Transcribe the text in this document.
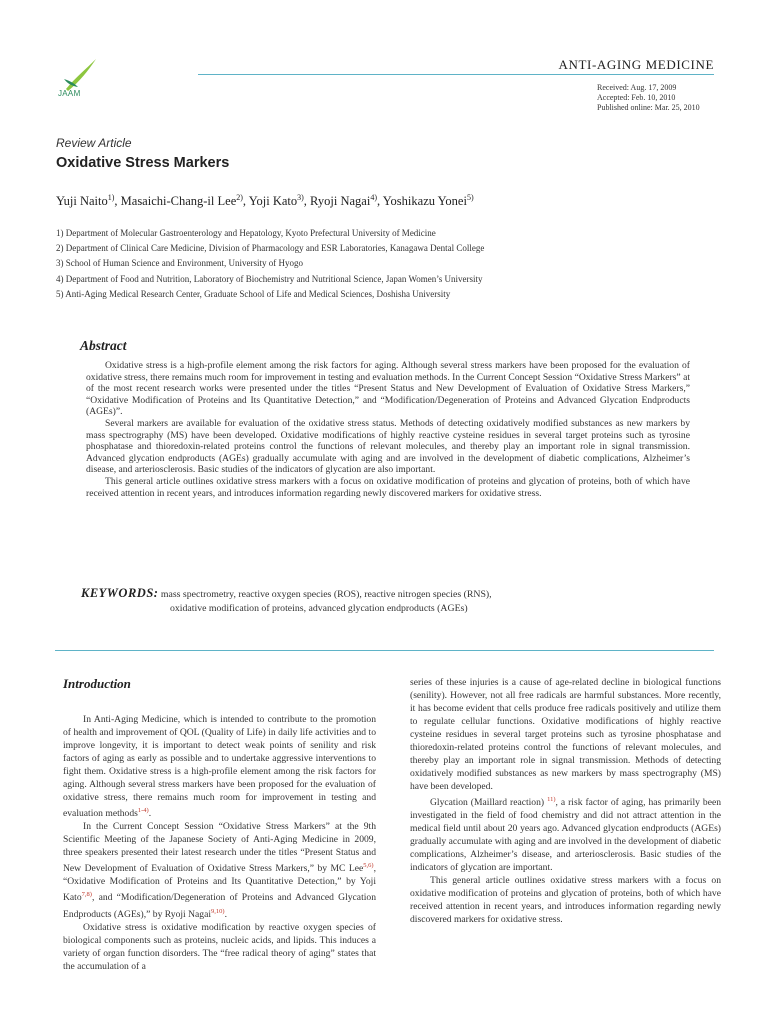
JAAM
ANTI-AGING MEDICINE
Received: Aug. 17, 2009
Accepted: Feb. 10, 2010
Published online: Mar. 25, 2010
Review Article
Oxidative Stress Markers
Yuji Naito$^{1)}$, Masaichi-Chang-il Lee$^{2)}$, Yoji Kato$^{3)}$, Ryoji Nagai$^{4)}$, Yoshikazu Yonei$^{5)}$
1) Department of Molecular Gastroenterology and Hepatology, Kyoto Prefectural University of Medicine
2) Department of Clinical Care Medicine, Division of Pharmacology and ESR Laboratories, Kanagawa Dental College
3) School of Human Science and Environment, University of Hyogo
4) Department of Food and Nutrition, Laboratory of Biochemistry and Nutritional Science, Japan Women’s University
5) Anti-Aging Medical Research Center, Graduate School of Life and Medical Sciences, Doshisha University
Abstract

Oxidative stress is a high-profile element among the risk factors for aging. Although several stress markers have been proposed for the evaluation of oxidative stress, there remains much room for improvement in testing and evaluation methods. In the Current Concept Session “Oxidative Stress Markers” at of the most recent research works were presented under the titles “Present Status and New Development of Evaluation of Oxidative Stress Markers,” “Oxidative Modification of Proteins and Its Quantitative Detection,” and “Modification/Degeneration of Proteins and Advanced Glycation Endproducts (AGEs)”.

Several markers are available for evaluation of the oxidative stress status. Methods of detecting oxidatively modified substances as new markers by mass spectrography (MS) have been developed. Oxidative modifications of highly reactive cysteine residues in several target proteins such as tyrosine phosphatase and thioredoxin-related proteins control the functions of relevant molecules, and thereby play an important role in signal transmission. Advanced glycation endproducts (AGEs) gradually accumulate with aging and are involved in the development of diabetic complications, Alzheimer’s disease, and arteriosclerosis. Basic studies of the indicators of glycation are also important.

This general article outlines oxidative stress markers with a focus on oxidative modification of proteins and glycation of proteins, both of which have received attention in recent years, and introduces information regarding newly discovered markers for oxidative stress.

KEYWORDS: mass spectrometry, reactive oxygen species (ROS), reactive nitrogen species (RNS),
oxidative modification of proteins, advanced glycation endproducts (AGEs)
Introduction

In Anti-Aging Medicine, which is intended to contribute to the promotion of health and improvement of QOL (Quality of Life) in daily life activities and to improve longevity, it is important to detect weak points of senility and risk factors of aging as early as possible and to undertake aggressive interventions to fight them. Oxidative stress is a high-profile element among the risk factors for aging. Although several stress markers have been proposed for the evaluation of oxidative stress, there remains much room for improvement in testing and evaluation methods$^{1-4)}$.

In the Current Concept Session “Oxidative Stress Markers” at the 9th Scientific Meeting of the Japanese Society of Anti-Aging Medicine in 2009, three speakers presented their latest research under the titles “Present Status and New Development of Evaluation of Oxidative Stress Markers,” by MC Lee$^{5,6)}$, “Oxidative Modification of Proteins and Its Quantitative Detection,” by Yoji Kato$^{7,8)}$, and “Modification/Degeneration of Proteins and Advanced Glycation Endproducts (AGEs),” by Ryoji Nagai$^{9,10)}$.

Oxidative stress is oxidative modification by reactive oxygen species of biological components such as proteins, nucleic acids, and lipids. This induces a variety of organ function disorders. The “free radical theory of aging” states that the accumulation of a

series of these injuries is a cause of age-related decline in biological functions (senility). However, not all free radicals are harmful substances. More recently, it has become evident that cells produce free radicals positively and utilize them to regulate cellular functions. Oxidative modifications of highly reactive cysteine residues in several target proteins such as tyrosine phosphatase and thioredoxin-related proteins control the functions of relevant molecules, and thereby play an important role in signal transmission. Methods of detecting oxidatively modified substances as new markers by mass spectrography (MS) have been developed.

Glycation (Maillard reaction) $^{11)}$, a risk factor of aging, has primarily been investigated in the field of food chemistry and did not attract attention in the medical field until about 20 years ago. Advanced glycation endproducts (AGEs) gradually accumulate with aging and are involved in the development of diabetic complications, Alzheimer’s disease, and arteriosclerosis. Basic studies of the indicators of glycation are important.

This general article outlines oxidative stress markers with a focus on oxidative modification of proteins and glycation of proteins, both of which have received attention in recent years, and introduces information regarding newly discovered markers for oxidative stress.
